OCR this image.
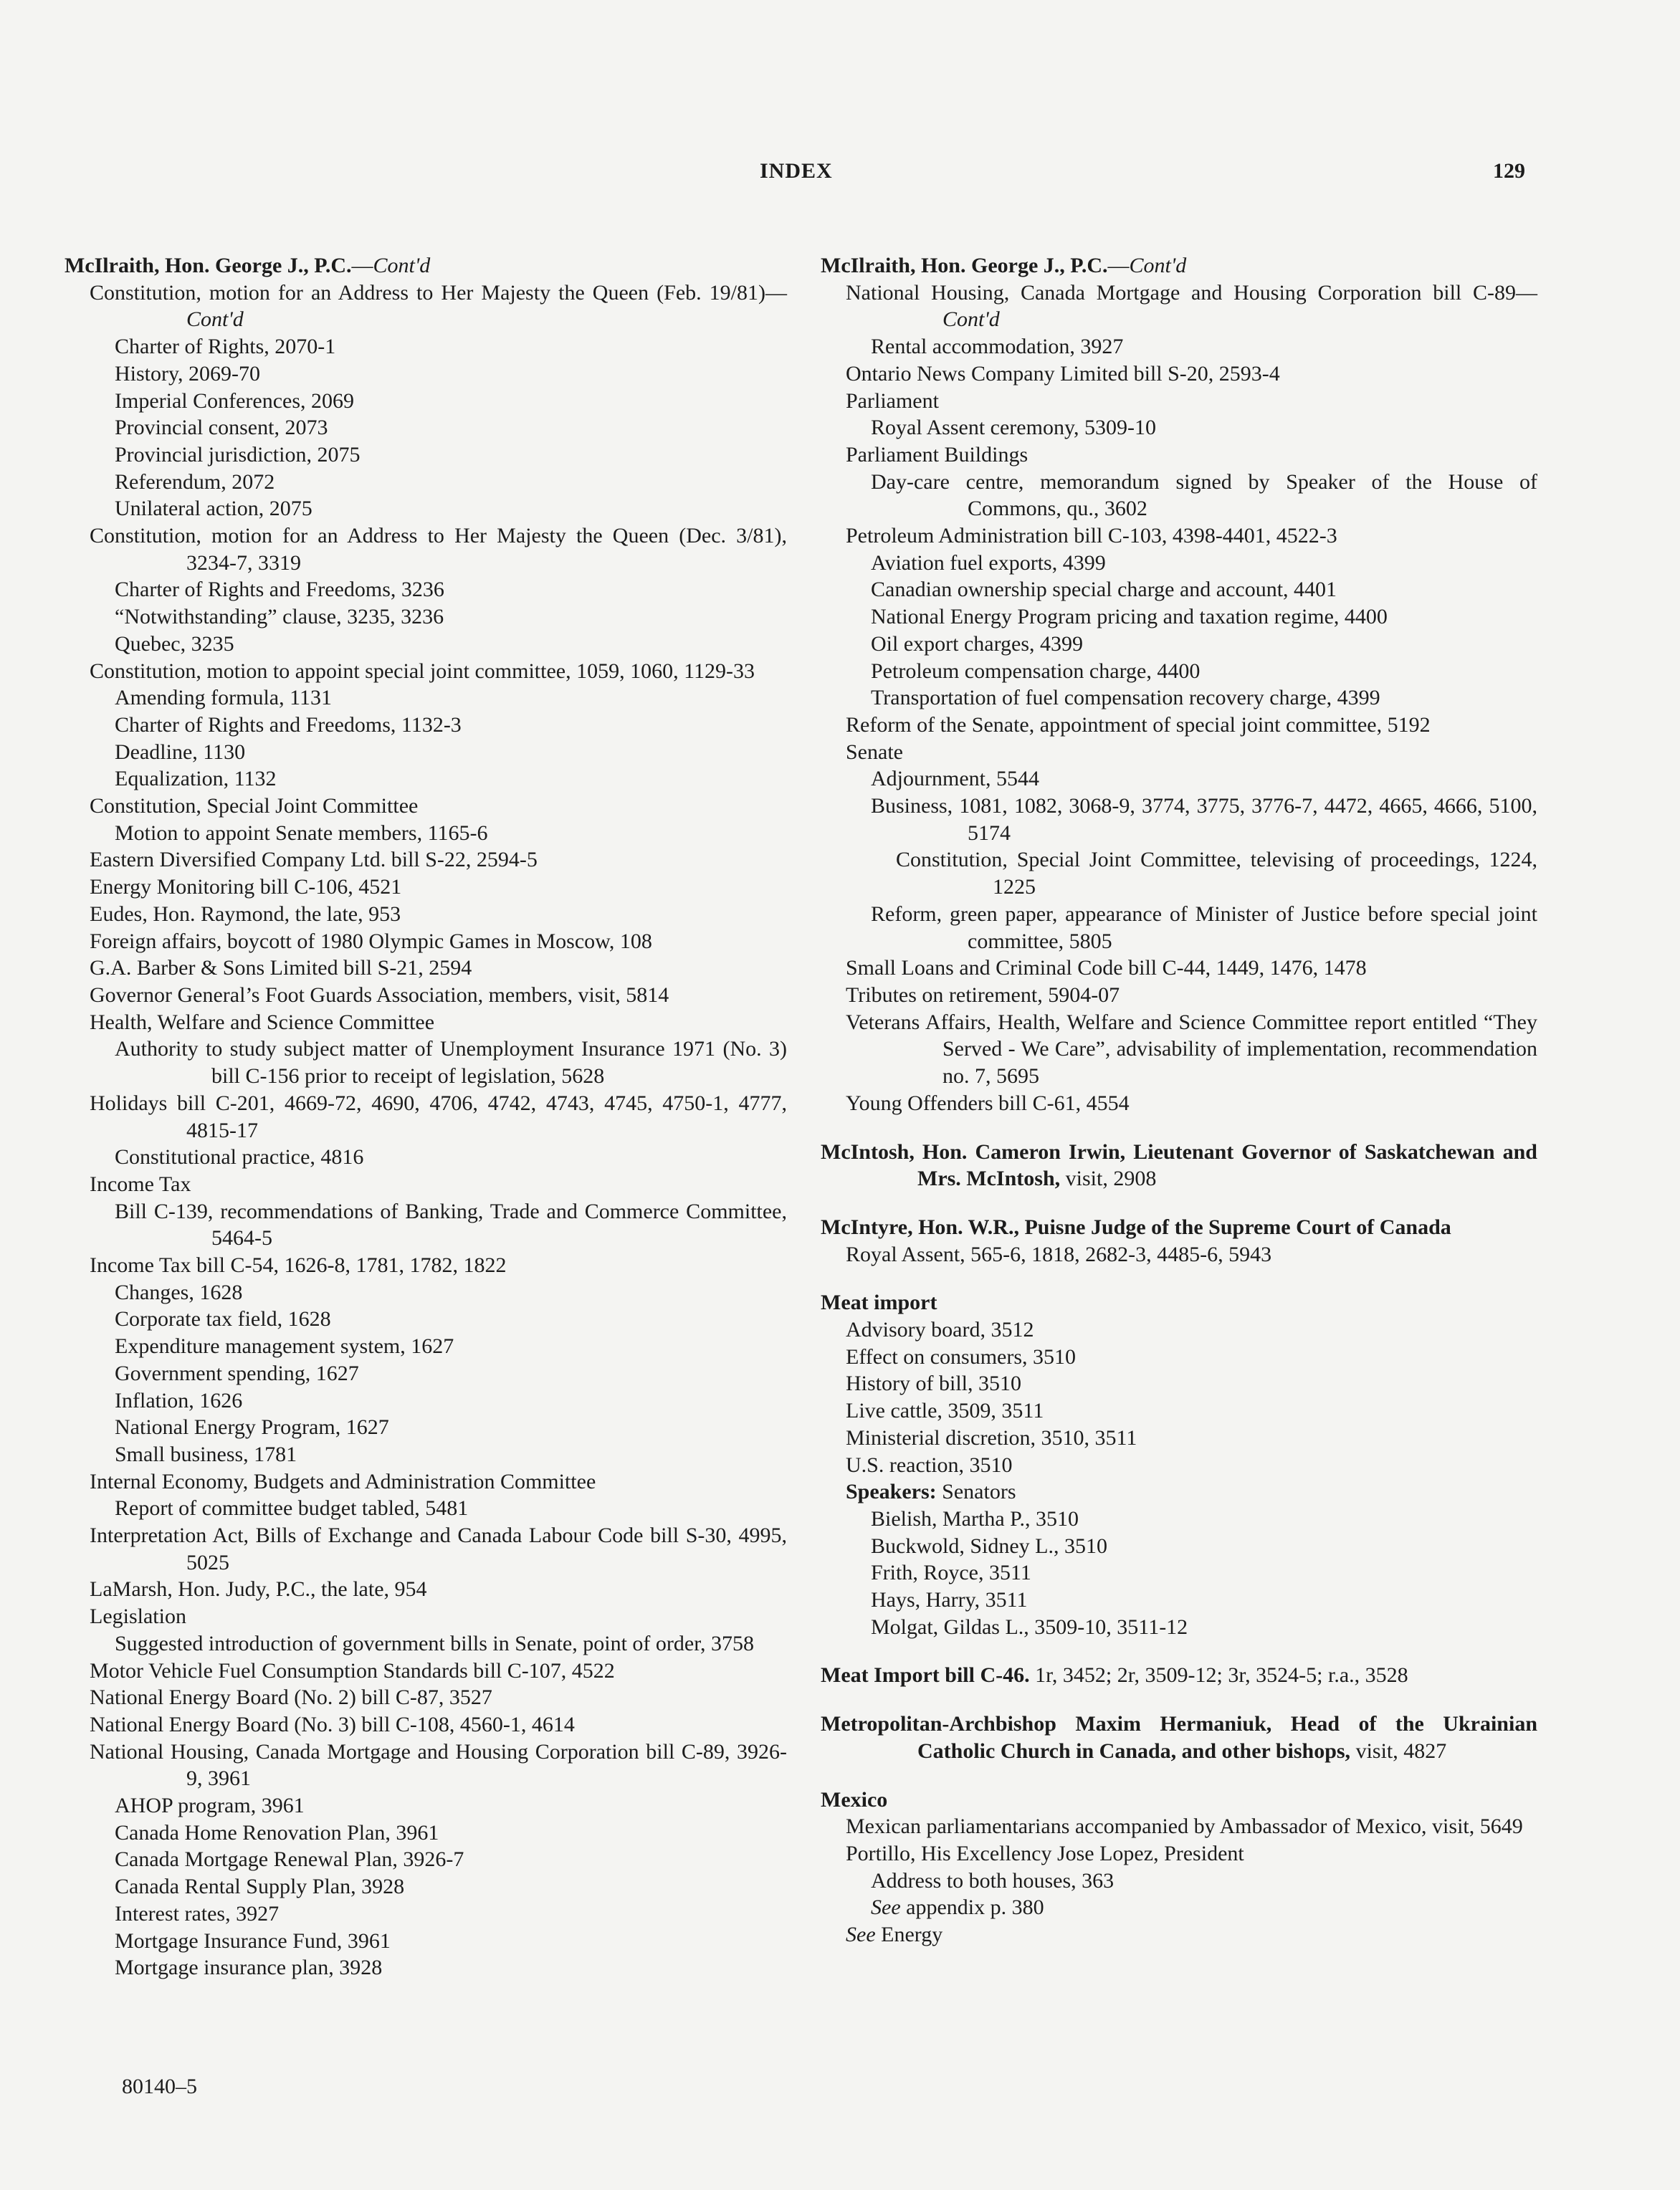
INDEX	129
McIlraith, Hon. George J., P.C.—Cont'd
Constitution, motion for an Address to Her Majesty the Queen (Feb. 19/81)—Cont'd
Charter of Rights, 2070-1
History, 2069-70
Imperial Conferences, 2069
Provincial consent, 2073
Provincial jurisdiction, 2075
Referendum, 2072
Unilateral action, 2075
Constitution, motion for an Address to Her Majesty the Queen (Dec. 3/81), 3234-7, 3319
Charter of Rights and Freedoms, 3236
“Notwithstanding” clause, 3235, 3236
Quebec, 3235
Constitution, motion to appoint special joint committee, 1059, 1060, 1129-33
Amending formula, 1131
Charter of Rights and Freedoms, 1132-3
Deadline, 1130
Equalization, 1132
Constitution, Special Joint Committee
Motion to appoint Senate members, 1165-6
Eastern Diversified Company Ltd. bill S-22, 2594-5
Energy Monitoring bill C-106, 4521
Eudes, Hon. Raymond, the late, 953
Foreign affairs, boycott of 1980 Olympic Games in Moscow, 108
G.A. Barber & Sons Limited bill S-21, 2594
Governor General’s Foot Guards Association, members, visit, 5814
Health, Welfare and Science Committee
Authority to study subject matter of Unemployment Insurance 1971 (No. 3) bill C-156 prior to receipt of legislation, 5628
Holidays bill C-201, 4669-72, 4690, 4706, 4742, 4743, 4745, 4750-1, 4777, 4815-17
Constitutional practice, 4816
Income Tax
Bill C-139, recommendations of Banking, Trade and Commerce Committee, 5464-5
Income Tax bill C-54, 1626-8, 1781, 1782, 1822
Changes, 1628
Corporate tax field, 1628
Expenditure management system, 1627
Government spending, 1627
Inflation, 1626
National Energy Program, 1627
Small business, 1781
Internal Economy, Budgets and Administration Committee
Report of committee budget tabled, 5481
Interpretation Act, Bills of Exchange and Canada Labour Code bill S-30, 4995, 5025
LaMarsh, Hon. Judy, P.C., the late, 954
Legislation
Suggested introduction of government bills in Senate, point of order, 3758
Motor Vehicle Fuel Consumption Standards bill C-107, 4522
National Energy Board (No. 2) bill C-87, 3527
National Energy Board (No. 3) bill C-108, 4560-1, 4614
National Housing, Canada Mortgage and Housing Corporation bill C-89, 3926-9, 3961
AHOP program, 3961
Canada Home Renovation Plan, 3961
Canada Mortgage Renewal Plan, 3926-7
Canada Rental Supply Plan, 3928
Interest rates, 3927
Mortgage Insurance Fund, 3961
Mortgage insurance plan, 3928
McIlraith, Hon. George J., P.C.—Cont'd
National Housing, Canada Mortgage and Housing Corporation bill C-89—Cont'd
Rental accommodation, 3927
Ontario News Company Limited bill S-20, 2593-4
Parliament
Royal Assent ceremony, 5309-10
Parliament Buildings
Day-care centre, memorandum signed by Speaker of the House of Commons, qu., 3602
Petroleum Administration bill C-103, 4398-4401, 4522-3
Aviation fuel exports, 4399
Canadian ownership special charge and account, 4401
National Energy Program pricing and taxation regime, 4400
Oil export charges, 4399
Petroleum compensation charge, 4400
Transportation of fuel compensation recovery charge, 4399
Reform of the Senate, appointment of special joint committee, 5192
Senate
Adjournment, 5544
Business, 1081, 1082, 3068-9, 3774, 3775, 3776-7, 4472, 4665, 4666, 5100, 5174
Constitution, Special Joint Committee, televising of proceedings, 1224, 1225
Reform, green paper, appearance of Minister of Justice before special joint committee, 5805
Small Loans and Criminal Code bill C-44, 1449, 1476, 1478
Tributes on retirement, 5904-07
Veterans Affairs, Health, Welfare and Science Committee report entitled “They Served - We Care”, advisability of implementation, recommendation no. 7, 5695
Young Offenders bill C-61, 4554
McIntosh, Hon. Cameron Irwin, Lieutenant Governor of Saskatchewan and Mrs. McIntosh, visit, 2908
McIntyre, Hon. W.R., Puisne Judge of the Supreme Court of Canada
Royal Assent, 565-6, 1818, 2682-3, 4485-6, 5943
Meat import
Advisory board, 3512
Effect on consumers, 3510
History of bill, 3510
Live cattle, 3509, 3511
Ministerial discretion, 3510, 3511
U.S. reaction, 3510
Speakers: Senators
Bielish, Martha P., 3510
Buckwold, Sidney L., 3510
Frith, Royce, 3511
Hays, Harry, 3511
Molgat, Gildas L., 3509-10, 3511-12
Meat Import bill C-46. 1r, 3452; 2r, 3509-12; 3r, 3524-5; r.a., 3528
Metropolitan-Archbishop Maxim Hermaniuk, Head of the Ukrainian Catholic Church in Canada, and other bishops, visit, 4827
Mexico
Mexican parliamentarians accompanied by Ambassador of Mexico, visit, 5649
Portillo, His Excellency Jose Lopez, President
Address to both houses, 363
See appendix p. 380
See Energy
80140–5
